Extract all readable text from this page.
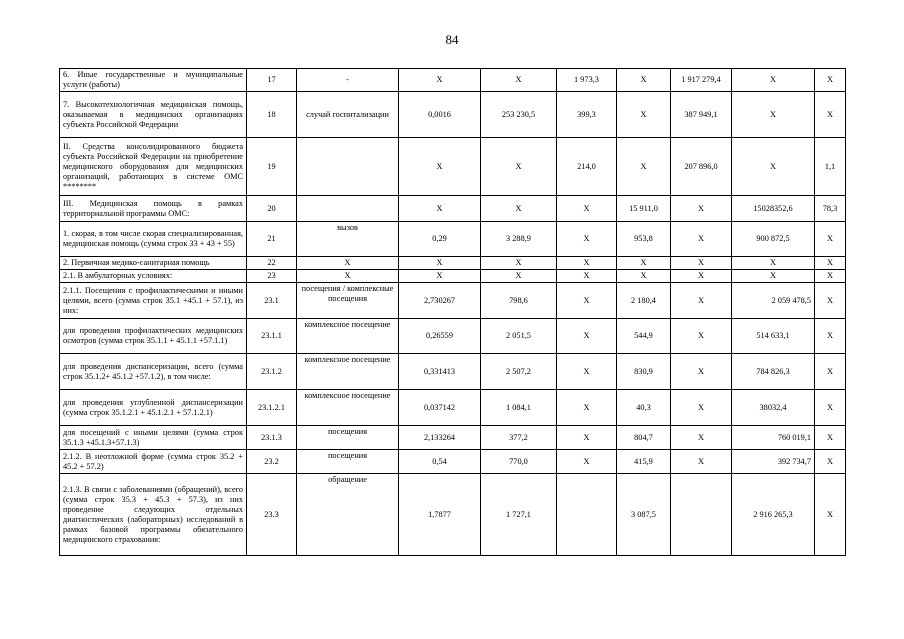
84
6. Иные государственные и муниципальные услуги (работы)	17	-	X	X	1 973,3	X	1 917 279,4	X	X
7. Высокотехнологичная медицинская помощь, оказываемая в медицинских организациях субъекта Российской Федерации	18	случай госпитализации	0,0016	253 230,5	399,3	X	387 949,1	X	X
II. Средства консолидированного бюджета субъекта Российской Федерации на приобретение медицинского оборудования для медицинских организаций, работающих в системе ОМС ********	19		X	X	214,0	X	207 896,0	X	1,1
III. Медицинская помощь в рамках территориальной программы ОМС:	20		X	X	X	15 911,0	X	15028352,6	78,3
1. скорая, в том числе скорая специализированная, медицинская помощь (сумма строк 33 + 43 + 55)	21	вызов	0,29	3 288,9	X	953,8	X	900 872,5	X
2. Первичная медико-санитарная помощь	22	X	X	X	X	X	X	X	X
2.1. В амбулаторных условиях:	23	X	X	X	X	X	X	X	X
2.1.1. Посещения с профилактическими и иными целями, всего (сумма строк 35.1 +45.1 + 57.1), из них:	23.1	посещения / комплексные посещения	2,730267	798,6	X	2 180,4	X	2 059 478,5	X
для проведения профилактических медицинских осмотров (сумма строк 35.1.1 + 45.1.1 +57.1.1)	23.1.1	комплексное посещение	0,26559	2 051,5	X	544,9	X	514 633,1	X
для проведения диспансеризации, всего (сумма строк 35.1.2+ 45.1.2 +57.1.2), в том числе:	23.1.2	комплексное посещение	0,331413	2 507,2	X	830,9	X	784 826,3	X
для проведения углубленной диспансеризации (сумма строк 35.1.2.1 + 45.1.2.1 + 57.1.2.1)	23.1.2.1	комплексное посещение	0,037142	1 084,1	X	40,3	X	38032,4	X
для посещений с иными целями (сумма строк 35.1.3 +45.1.3+57.1.3)	23.1.3	посещения	2,133264	377,2	X	804,7	X	760 019,1	X
2.1.2. В неотложной форме (сумма строк 35.2 + 45.2 + 57.2)	23.2	посещения	0,54	770,0	X	415,9	X	392 734,7	X
2.1.3. В связи с заболеваниями (обращений), всего (сумма строк 35.3 + 45.3 + 57.3), из них проведение следующих отдельных диагностических (лабораторных) исследований в рамках базовой программы обязательного медицинского страхования:	23.3	обращение	1,7877	1 727,1		3 087,5		2 916 265,3	X
